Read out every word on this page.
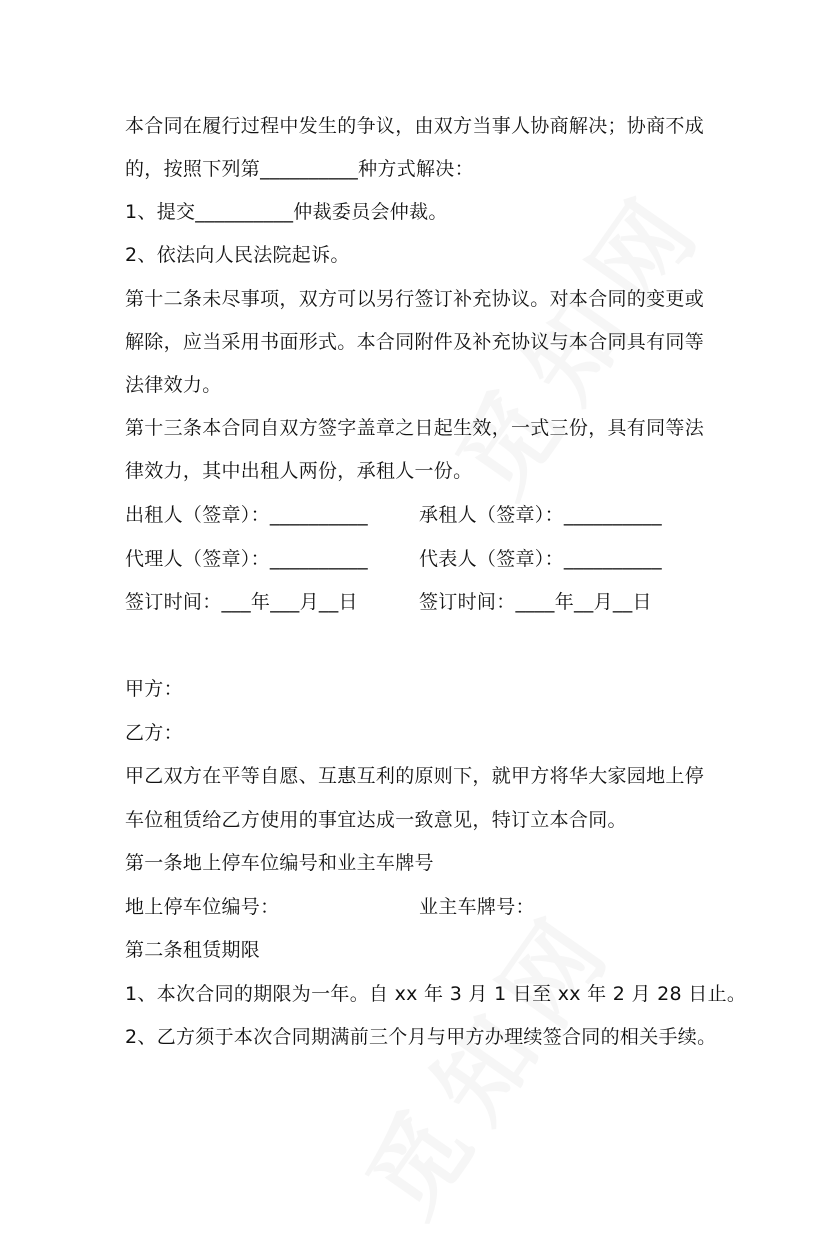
本合同在履行过程中发生的争议，由双方当事人协商解决；协商不成
的，按照下列第__________种方式解决：
1、提交__________仲裁委员会仲裁。
2、依法向人民法院起诉。
第十二条未尽事项，双方可以另行签订补充协议。对本合同的变更或
解除，应当采用书面形式。本合同附件及补充协议与本合同具有同等
法律效力。
第十三条本合同自双方签字盖章之日起生效，一式三份，具有同等法
律效力，其中出租人两份，承租人一份。
出租人（签章）：__________	承租人（签章）：__________
代理人（签章）：__________	代表人（签章）：__________
签订时间：___年___月__日	签订时间：____年__月__日
甲方：
乙方：
甲乙双方在平等自愿、互惠互利的原则下，就甲方将华大家园地上停
车位租赁给乙方使用的事宜达成一致意见，特订立本合同。
第一条地上停车位编号和业主车牌号
地上停车位编号：	业主车牌号：
第二条租赁期限
1、本次合同的期限为一年。自 xx 年 3 月 1 日至 xx 年 2 月 28 日止。
2、乙方须于本次合同期满前三个月与甲方办理续签合同的相关手续。
